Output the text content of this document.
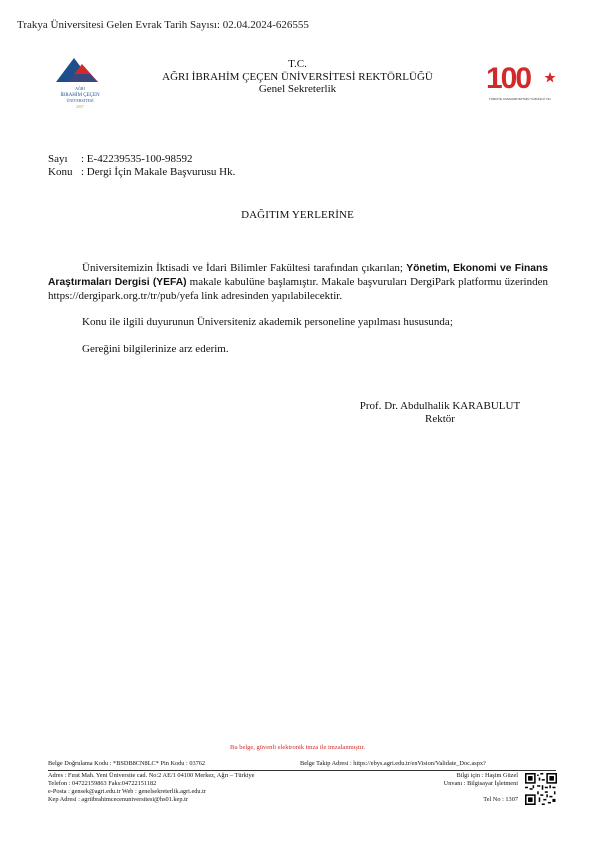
Trakya Üniversitesi Gelen Evrak Tarih Sayısı: 02.04.2024-626555
AĞRI
İBRAHİM ÇEÇEN
ÜNİVERSİTESİ
2007
T.C.
AĞRI İBRAHİM ÇEÇEN ÜNİVERSİTESİ REKTÖRLÜĞÜ
Genel Sekreterlik	100
TÜRKİYE CUMHURİYETİ'NİN YÜZÜNCÜ YILI
Sayı	: E-42239535-100-98592
Konu : Dergi İçin Makale Başvurusu Hk.
DAĞITIM YERLERİNE

Üniversitemizin İktisadi ve İdari Bilimler Fakültesi tarafından çıkarılan; Yönetim, Ekonomi ve Finans Araştırmaları Dergisi (YEFA) makale kabulüne başlamıştır. Makale başvuruları DergiPark platformu üzerinden https://dergipark.org.tr/tr/pub/yefa link adresinden yapılabilecektir.

Konu ile ilgili duyurunun Üniversiteniz akademik personeline yapılması hususunda;

Gereğini bilgilerinize arz ederim.

Prof. Dr. Abdulhalik KARABULUT
Rektör
Bu belge, güvenli elektronik imza ile imzalanmıştır.
Belge Doğrulama Kodu : *BSDB8CN8LC* Pin Kodu : 03762	Belge Takip Adresi : https://ebys.agri.edu.tr/enVision/Validate_Doc.aspx?
Adres : Fırat Mah. Yeni Üniversite cad. No:2 AE/1 04100 Merkez, Ağrı – Türkiye
Telefon : 04722159863 Faks:04722151182
e-Posta : gensek@agri.edu.tr Web : genelsekreterlik.agri.edu.tr
Kep Adresi : agriibrahimcecenuniversitesi@hs01.kep.tr
Bilgi için : Haşim Güzel
Unvanı : Bilgisayar İşletmeni
Tel No : 1307
